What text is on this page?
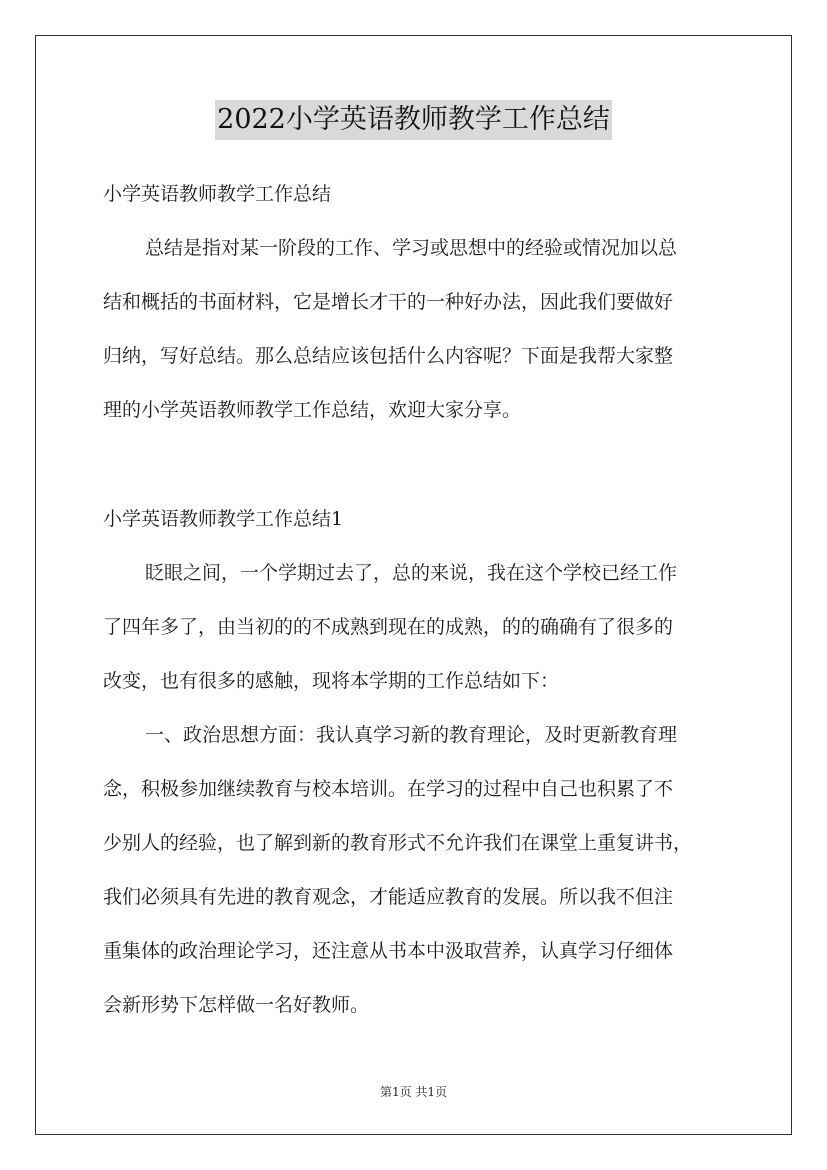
2022小学英语教师教学工作总结
小学英语教师教学工作总结
总结是指对某一阶段的工作、学习或思想中的经验或情况加以总
结和概括的书面材料，它是增长才干的一种好办法，因此我们要做好
归纳，写好总结。那么总结应该包括什么内容呢？下面是我帮大家整
理的小学英语教师教学工作总结，欢迎大家分享。
小学英语教师教学工作总结1
眨眼之间，一个学期过去了，总的来说，我在这个学校已经工作
了四年多了，由当初的的不成熟到现在的成熟，的的确确有了很多的
改变，也有很多的感触，现将本学期的工作总结如下：
一、政治思想方面：我认真学习新的教育理论，及时更新教育理
念，积极参加继续教育与校本培训。在学习的过程中自己也积累了不
少别人的经验，也了解到新的教育形式不允许我们在课堂上重复讲书，
我们必须具有先进的教育观念，才能适应教育的发展。所以我不但注
重集体的政治理论学习，还注意从书本中汲取营养，认真学习仔细体
会新形势下怎样做一名好教师。
第1页 共1页
